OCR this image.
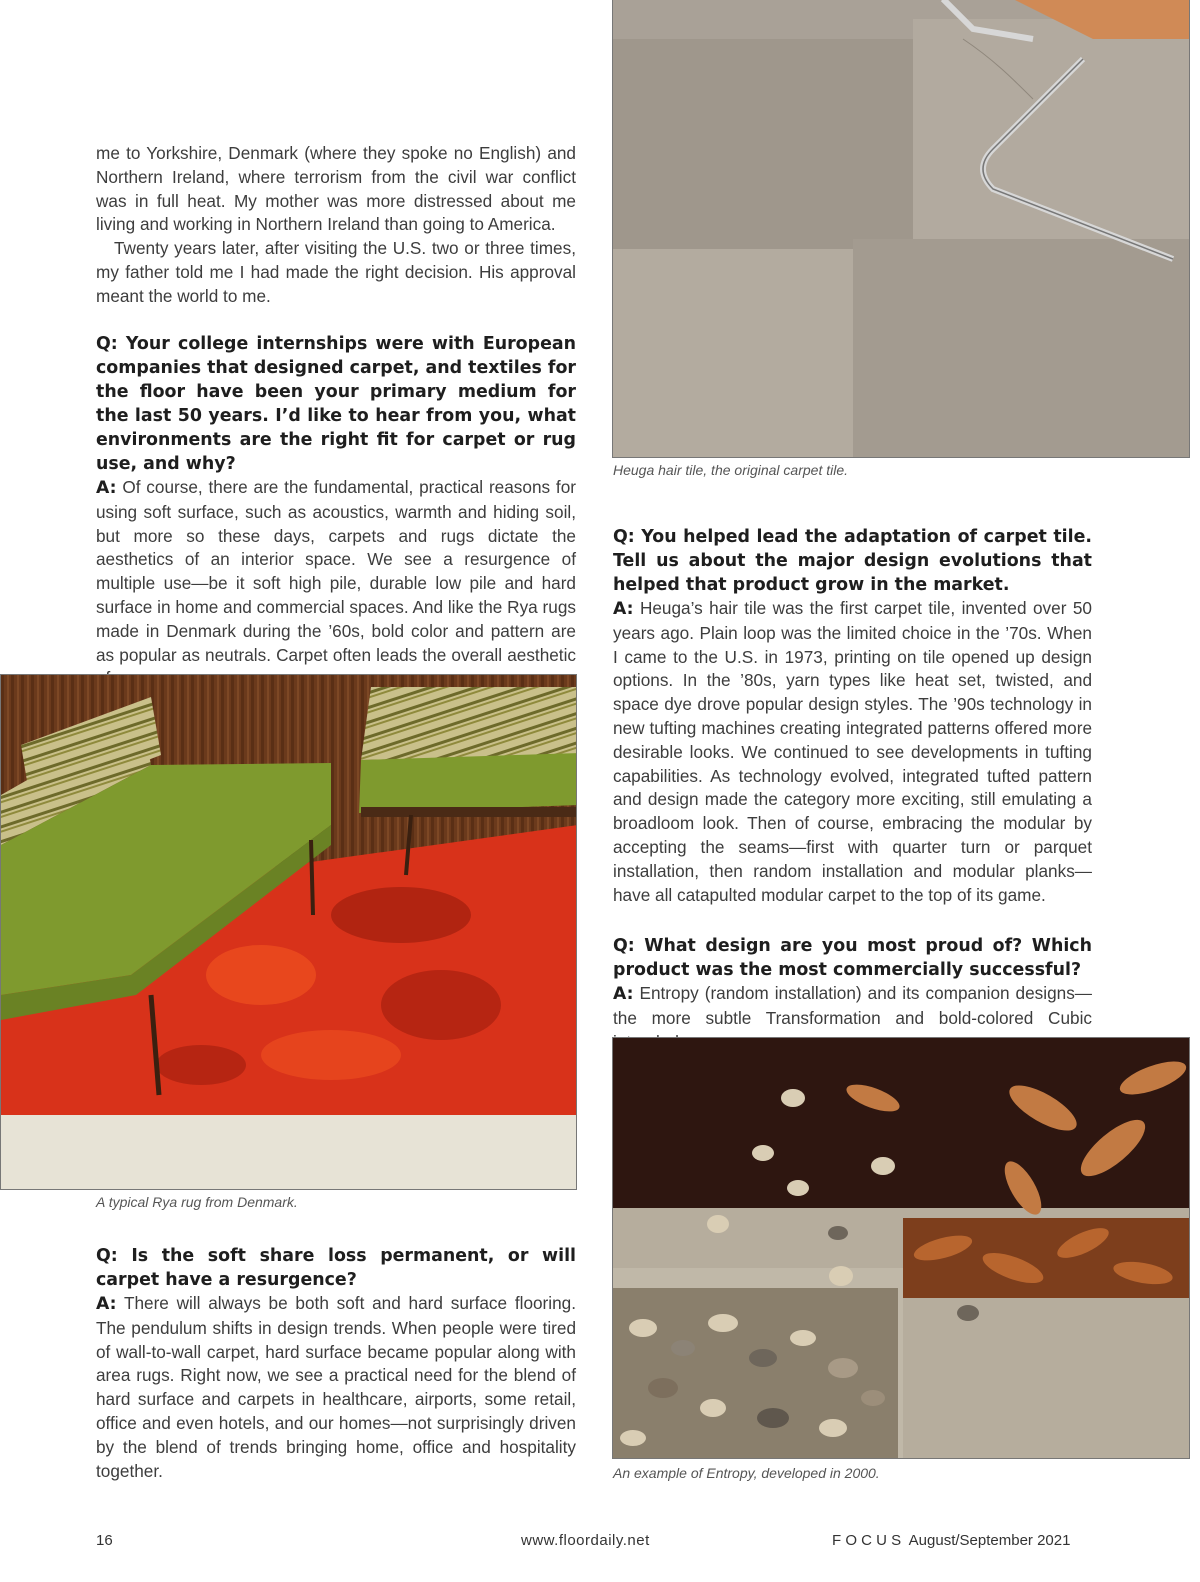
me to Yorkshire, Denmark (where they spoke no English) and Northern Ireland, where terrorism from the civil war conflict was in full heat. My mother was more distressed about me living and working in Northern Ireland than going to America.

Twenty years later, after visiting the U.S. two or three times, my father told me I had made the right decision. His approval meant the world to me.

Q: Your college internships were with European companies that designed carpet, and textiles for the floor have been your primary medium for the last 50 years. I’d like to hear from you, what environments are the right fit for carpet or rug use, and why?

A: Of course, there are the fundamental, practical reasons for using soft surface, such as acoustics, warmth and hiding soil, but more so these days, carpets and rugs dictate the aesthetics of an interior space. We see a resurgence of multiple use—be it soft high pile, durable low pile and hard surface in home and commercial spaces. And like the Rya rugs made in Denmark during the ’60s, bold color and pattern are as popular as neutrals. Carpet often leads the overall aesthetic

A typical Rya rug from Denmark.

Q: Is the soft share loss permanent, or will carpet have a resurgence?

A: There will always be both soft and hard surface flooring. The pendulum shifts in design trends. When people were tired of wall-to-wall carpet, hard surface became popular along with area rugs. Right now, we see a practical need for the blend of hard surface and carpets in healthcare, airports, some retail, office and even hotels, and our homes—not surprisingly driven by the blend of trends bringing home, office and hospitality together.

Heuga hair tile, the original carpet tile.

Q: You helped lead the adaptation of carpet tile. Tell us about the major design evolutions that helped that product grow in the market.

A: Heuga’s hair tile was the first carpet tile, invented over 50 years ago. Plain loop was the limited choice in the ’70s. When I came to the U.S. in 1973, printing on tile opened up design options. In the ’80s, yarn types like heat set, twisted, and space dye drove popular design styles. The ’90s technology in new tufting machines creating integrated patterns offered more desirable looks. We continued to see developments in tufting capabilities. As technology evolved, integrated tufted pattern and design made the category more exciting, still emulating a broadloom look. Then of course, embracing the modular by accepting the seams—first with quarter turn or parquet installation, then random installation and modular planks—have all catapulted modular carpet to the top of its game.

Q: What design are you most proud of? Which product was the most commercially successful?

A: Entropy (random installation) and its companion designs—the more subtle Transformation and bold-colored Cubic

An example of Entropy, developed in 2000.
16	www.floordaily.net	F O C U S  August/September 2021
